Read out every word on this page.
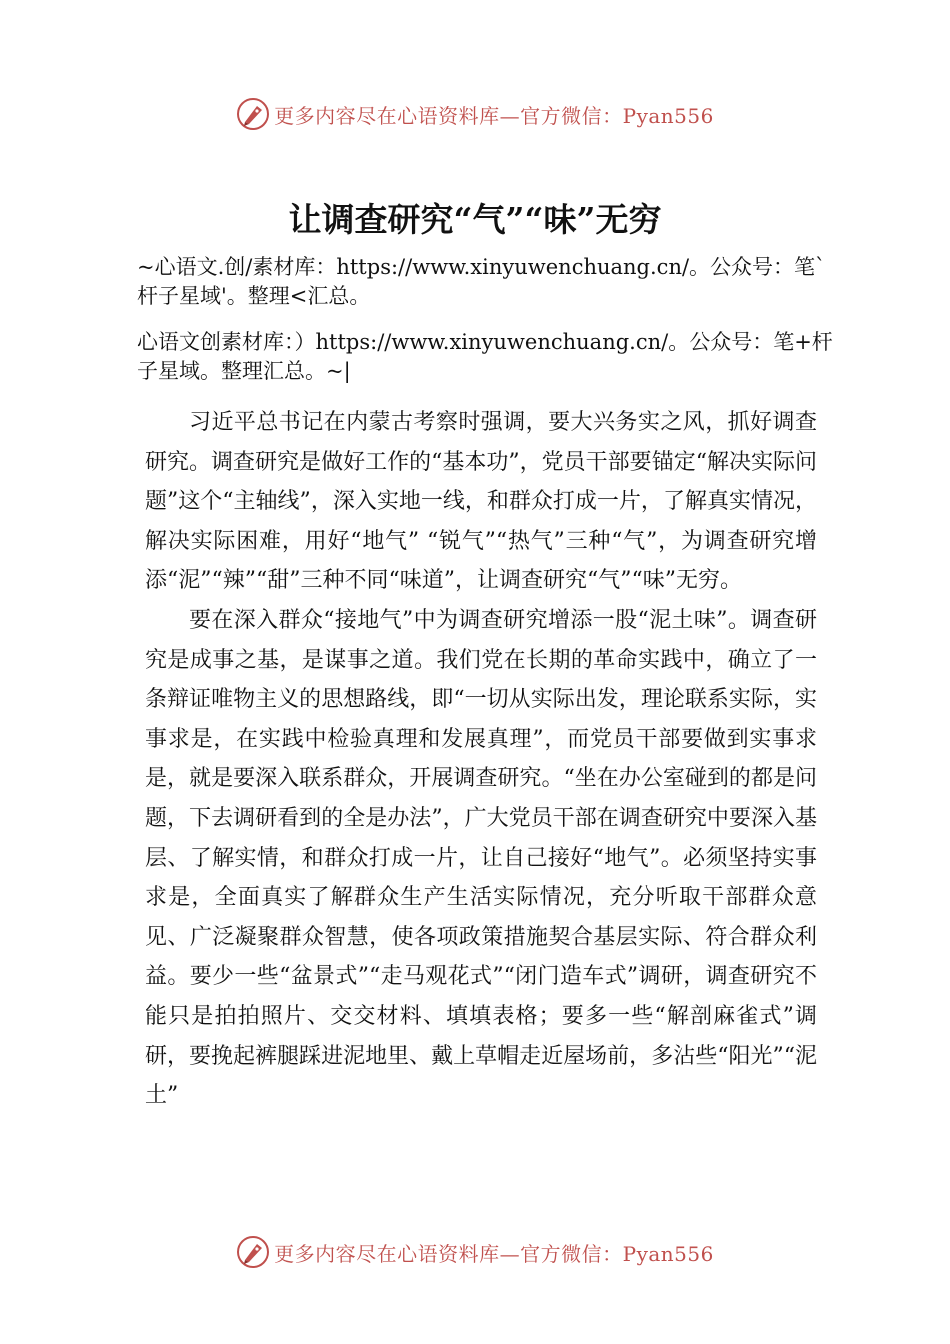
更多内容尽在心语资料库—官方微信：Pyan556
让调查研究“气”“味”无穷

~心语文.创/素材库：https://www.xinyuwenchuang.cn/。公众号：笔`杆子星域'。整理<汇总。

心语文创素材库：）https://www.xinyuwenchuang.cn/。公众号：笔+杆子星域。整理汇总。~|

习近平总书记在内蒙古考察时强调，要大兴务实之风，抓好调查研究。调查研究是做好工作的“基本功”，党员干部要锚定“解决实际问题”这个“主轴线”，深入实地一线，和群众打成一片，了解真实情况，解决实际困难，用好“地气” “锐气”“热气”三种“气”，为调查研究增添“泥”“辣”“甜”三种不同“味道”，让调查研究“气”“味”无穷。

要在深入群众“接地气”中为调查研究增添一股“泥土味”。调查研究是成事之基，是谋事之道。我们党在长期的革命实践中，确立了一条辩证唯物主义的思想路线，即“一切从实际出发，理论联系实际，实事求是，在实践中检验真理和发展真理”，而党员干部要做到实事求是，就是要深入联系群众，开展调查研究。“坐在办公室碰到的都是问题，下去调研看到的全是办法”，广大党员干部在调查研究中要深入基层、了解实情，和群众打成一片，让自己接好“地气”。必须坚持实事求是，全面真实了解群众生产生活实际情况，充分听取干部群众意见、广泛凝聚群众智慧，使各项政策措施契合基层实际、符合群众利益。要少一些“盆景式”“走马观花式”“闭门造车式”调研，调查研究不能只是拍拍照片、交交材料、填填表格；要多一些“解剖麻雀式”调研，要挽起裤腿踩进泥地里、戴上草帽走近屋场前，多沾些“阳光”“泥土”

更多内容尽在心语资料库—官方微信：Pyan556
